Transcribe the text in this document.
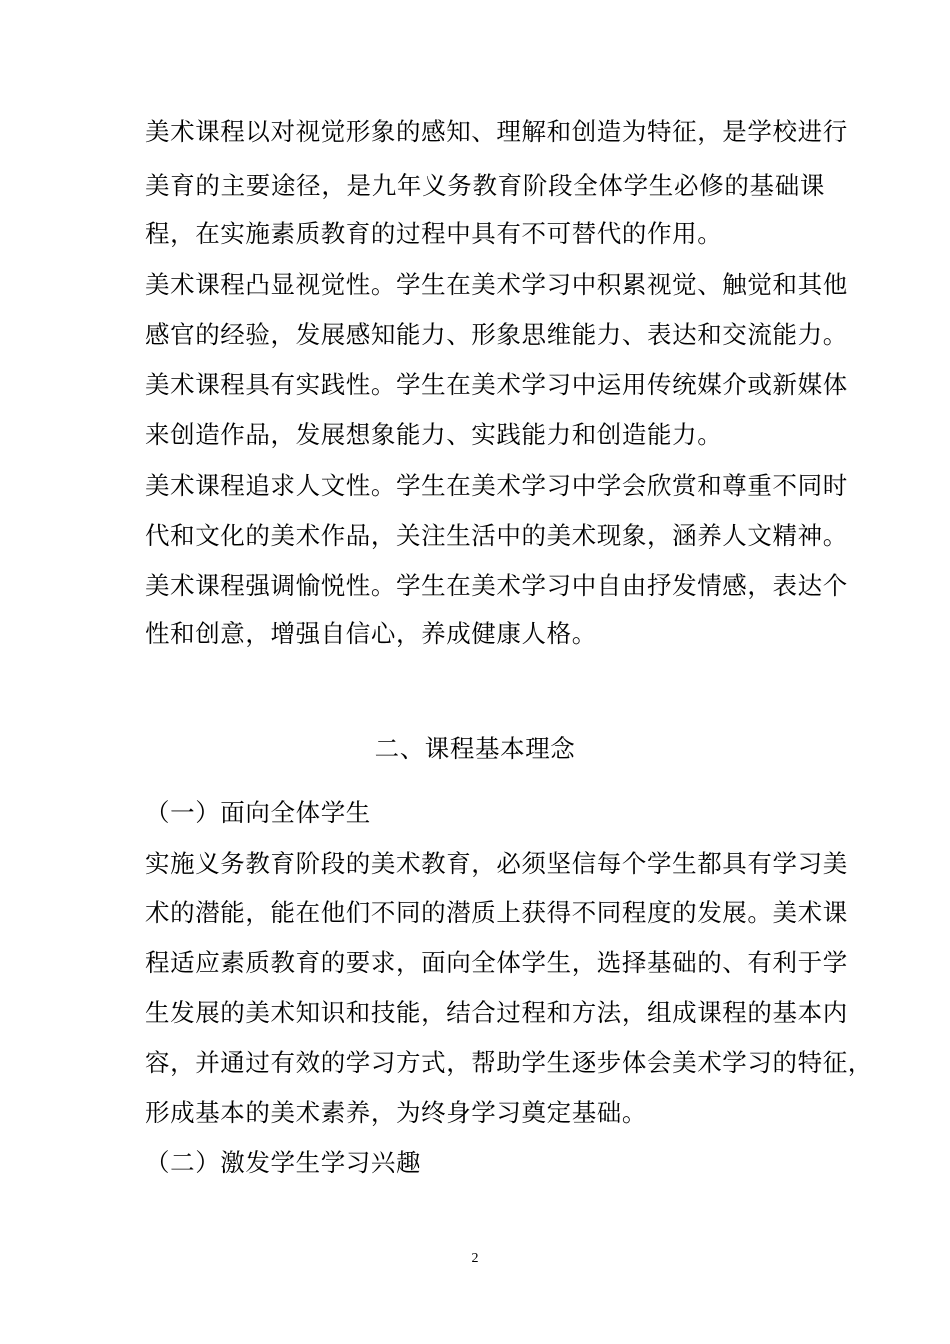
美术课程以对视觉形象的感知、理解和创造为特征，是学校进行
美育的主要途径，是九年义务教育阶段全体学生必修的基础课
程，在实施素质教育的过程中具有不可替代的作用。
美术课程凸显视觉性。学生在美术学习中积累视觉、触觉和其他
感官的经验，发展感知能力、形象思维能力、表达和交流能力。
美术课程具有实践性。学生在美术学习中运用传统媒介或新媒体
来创造作品，发展想象能力、实践能力和创造能力。
美术课程追求人文性。学生在美术学习中学会欣赏和尊重不同时
代和文化的美术作品，关注生活中的美术现象，涵养人文精神。
美术课程强调愉悦性。学生在美术学习中自由抒发情感，表达个
性和创意，增强自信心，养成健康人格。
二、课程基本理念
（一）面向全体学生
实施义务教育阶段的美术教育，必须坚信每个学生都具有学习美
术的潜能，能在他们不同的潜质上获得不同程度的发展。美术课
程适应素质教育的要求，面向全体学生，选择基础的、有利于学
生发展的美术知识和技能，结合过程和方法，组成课程的基本内
容，并通过有效的学习方式，帮助学生逐步体会美术学习的特征，
形成基本的美术素养，为终身学习奠定基础。
（二）激发学生学习兴趣
2
